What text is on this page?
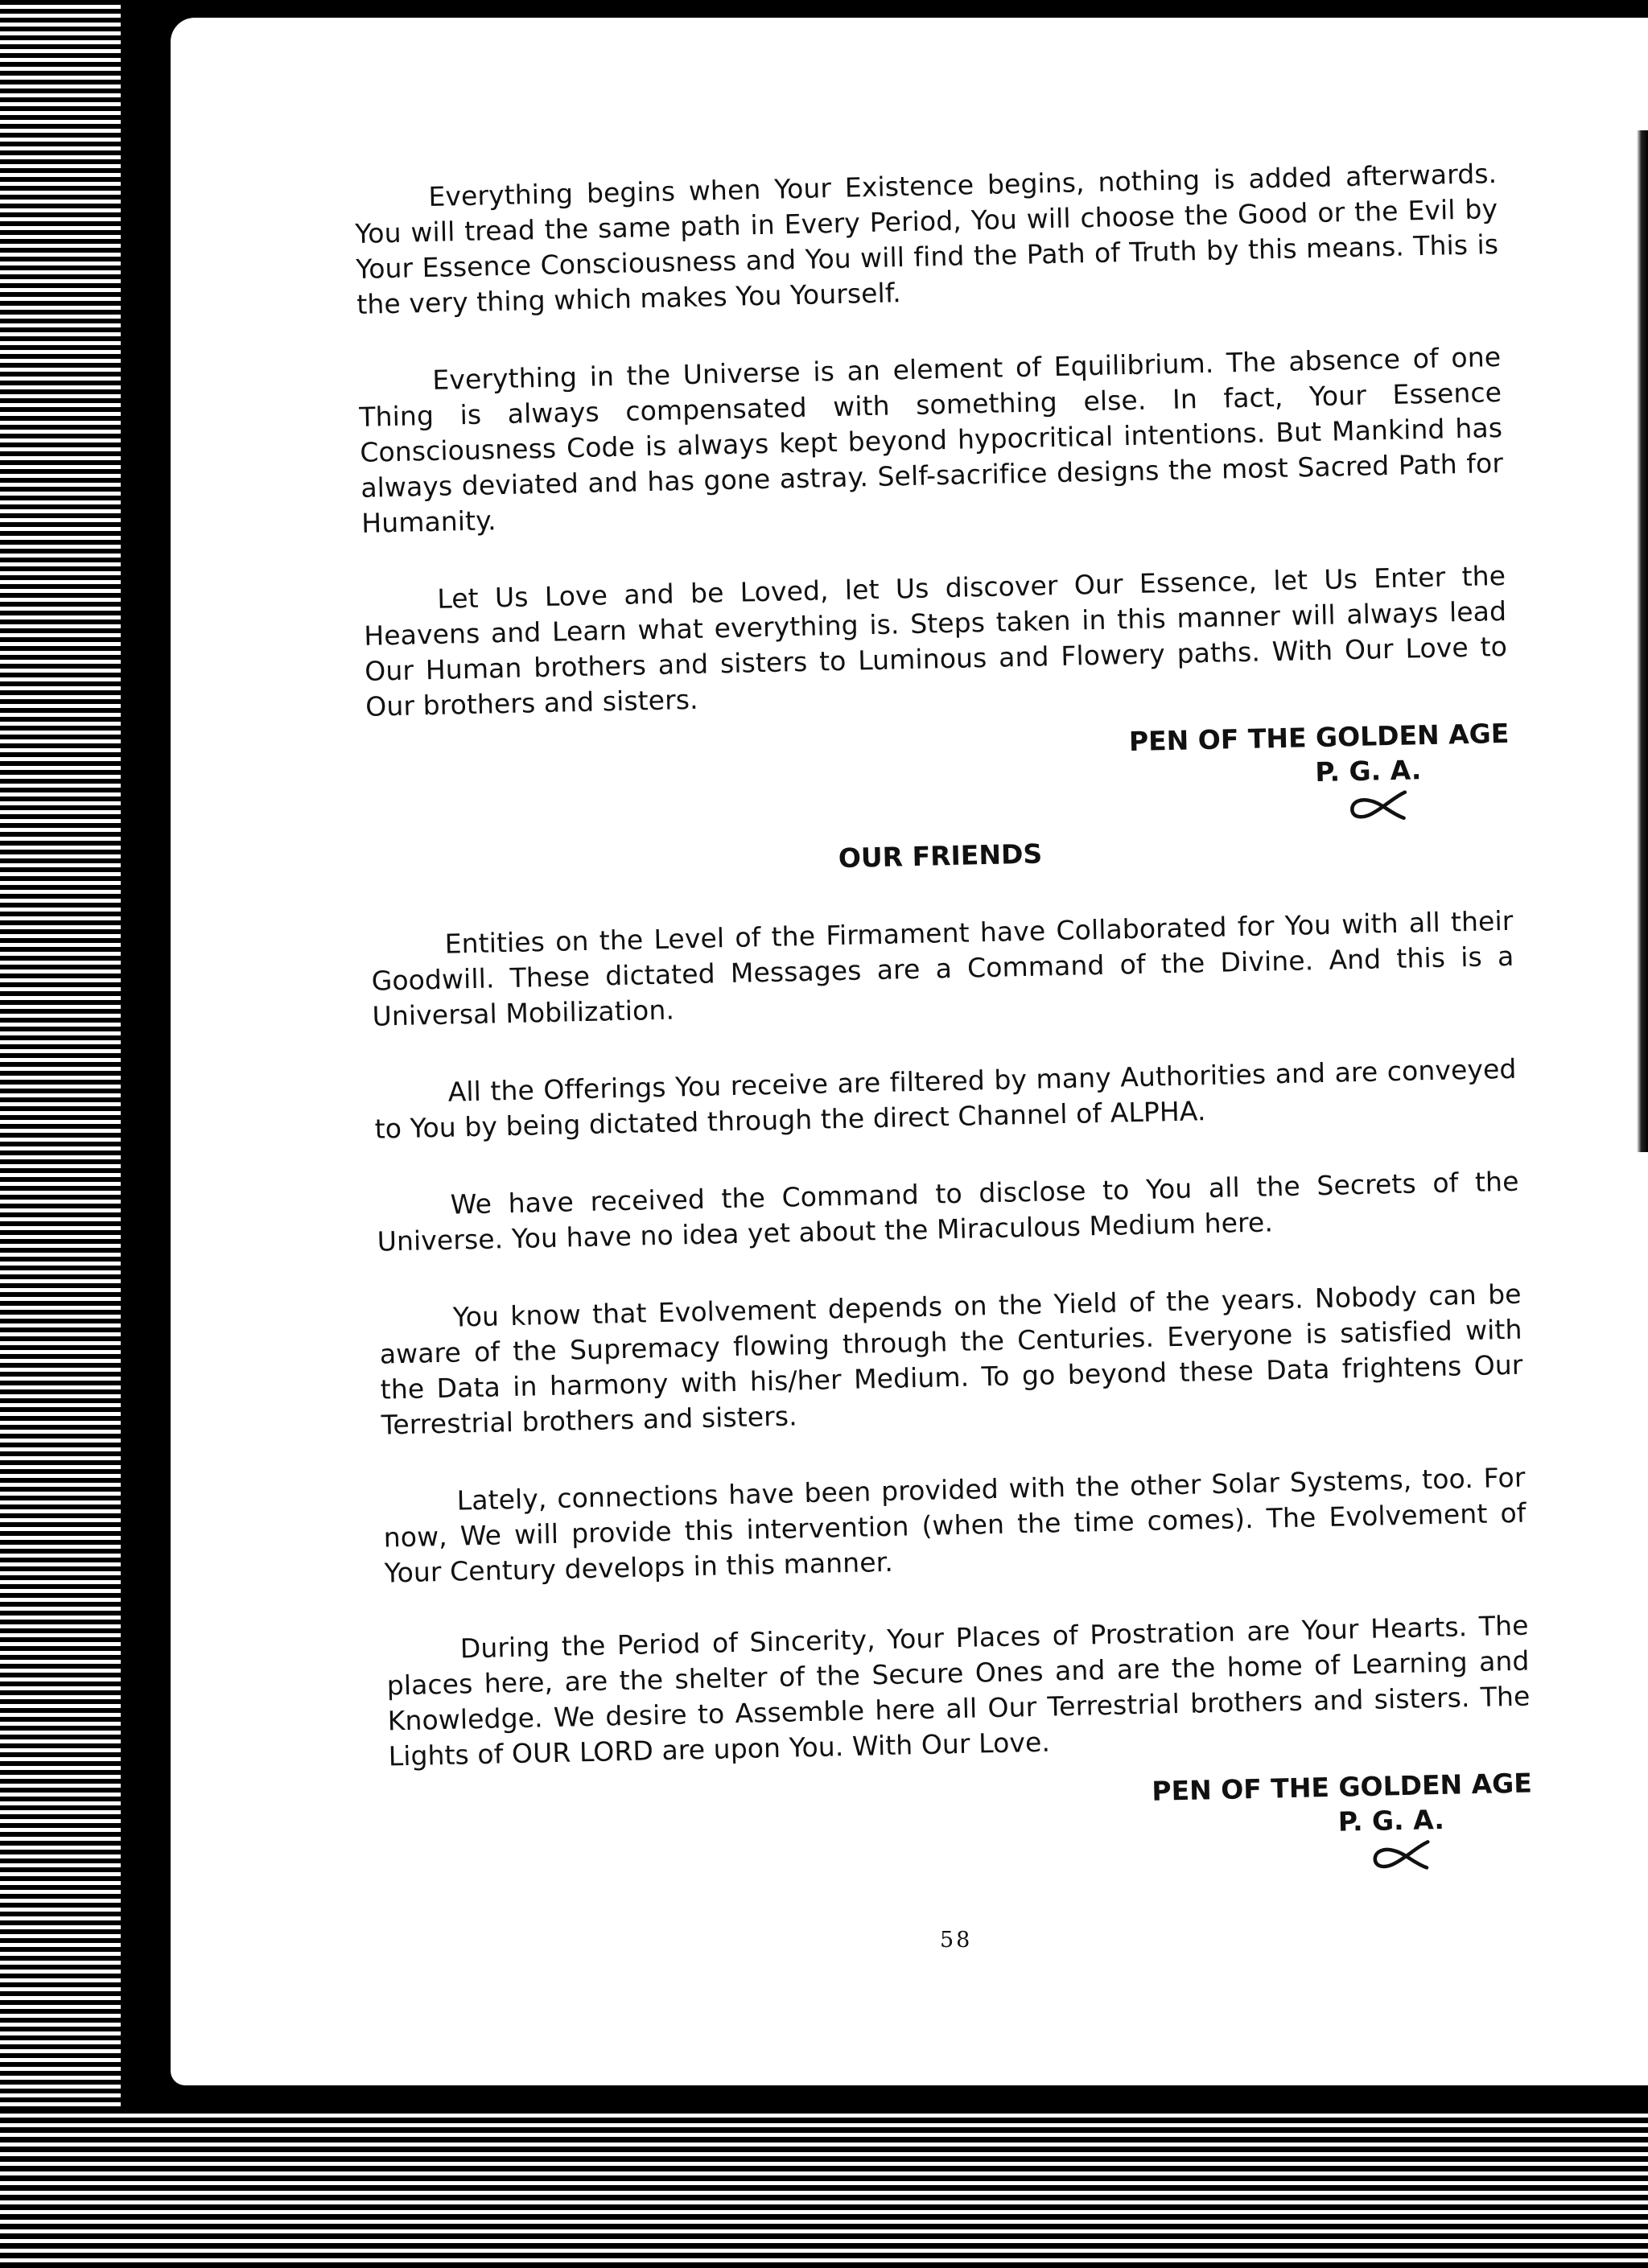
Everything begins when Your Existence begins, nothing is added afterwards. You will tread the same path in Every Period, You will choose the Good or the Evil by Your Essence Consciousness and You will find the Path of Truth by this means. This is the very thing which makes You Yourself.

Everything in the Universe is an element of Equilibrium. The absence of one Thing is always compensated with something else. In fact, Your Essence Consciousness Code is always kept beyond hypocritical intentions. But Mankind has always deviated and has gone astray. Self-sacrifice designs the most Sacred Path for Humanity.

Let Us Love and be Loved, let Us discover Our Essence, let Us Enter the Heavens and Learn what everything is. Steps taken in this manner will always lead Our Human brothers and sisters to Luminous and Flowery paths. With Our Love to Our brothers and sisters.

PEN OF THE GOLDEN AGE
P. G. A.

OUR FRIENDS

Entities on the Level of the Firmament have Collaborated for You with all their Goodwill. These dictated Messages are a Command of the Divine. And this is a Universal Mobilization.

All the Offerings You receive are filtered by many Authorities and are conveyed to You by being dictated through the direct Channel of ALPHA.

We have received the Command to disclose to You all the Secrets of the Universe. You have no idea yet about the Miraculous Medium here.

You know that Evolvement depends on the Yield of the years. Nobody can be aware of the Supremacy flowing through the Centuries. Everyone is satisfied with the Data in harmony with his/her Medium. To go beyond these Data frightens Our Terrestrial brothers and sisters.

Lately, connections have been provided with the other Solar Systems, too. For now, We will provide this intervention (when the time comes). The Evolvement of Your Century develops in this manner.

During the Period of Sincerity, Your Places of Prostration are Your Hearts. The places here, are the shelter of the Secure Ones and are the home of Learning and Knowledge. We desire to Assemble here all Our Terrestrial brothers and sisters. The Lights of OUR LORD are upon You. With Our Love.

PEN OF THE GOLDEN AGE
P. G. A.
58
